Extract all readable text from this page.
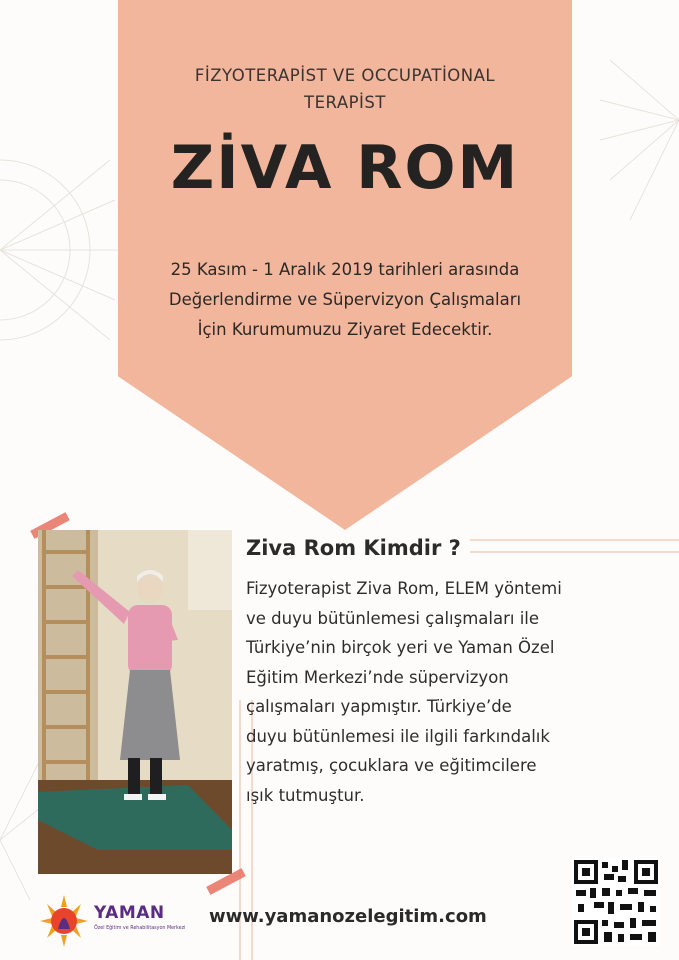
FİZYOTERAPİST VE OCCUPATİONAL
TERAPİST
ZİVA ROM
25 Kasım - 1 Aralık 2019 tarihleri arasında
Değerlendirme ve Süpervizyon Çalışmaları
İçin Kurumumuzu Ziyaret Edecektir.
Ziva Rom Kimdir ?
Fizyoterapist Ziva Rom, ELEM yöntemi
ve duyu bütünlemesi çalışmaları ile
Türkiye’nin birçok yeri ve Yaman Özel
Eğitim Merkezi’nde süpervizyon
çalışmaları yapmıştır. Türkiye’de
duyu bütünlemesi ile ilgili farkındalık
yaratmış, çocuklara ve eğitimcilere
ışık tutmuştur.
YAMAN
Özel Eğitim ve Rehabilitasyon Merkezi
www.yamanozelegitim.com
